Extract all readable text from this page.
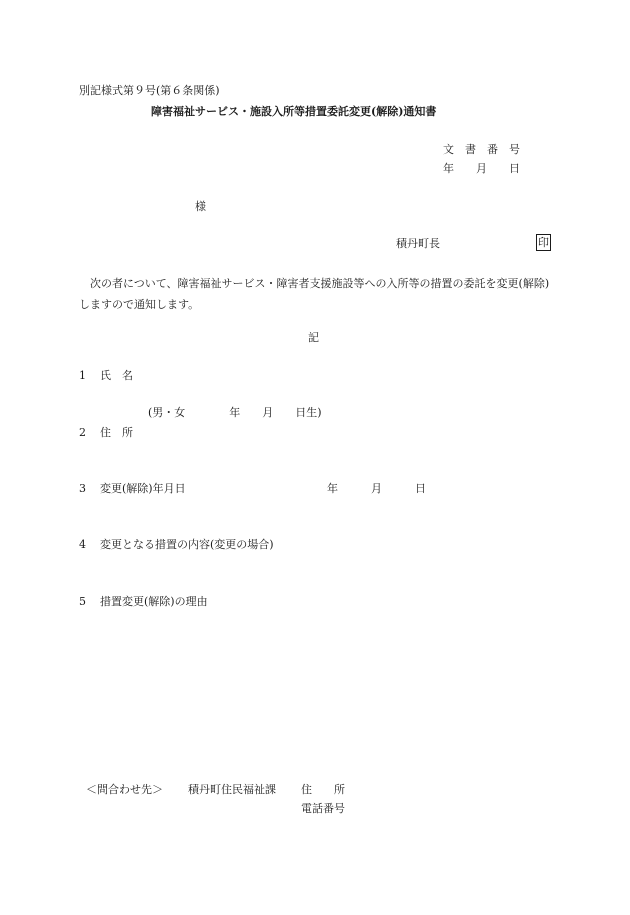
別記様式第９号(第６条関係)
障害福祉サービス・施設入所等措置委託変更(解除)通知書
文　書　番　号
年　　月　　日
様
積丹町長	印
　次の者について、障害福祉サービス・障害者支援施設等への入所等の措置の委託を変更(解除)しますので通知します。
記
1 氏　名
(男・女　　　　年　　月　　日生)
2 住　所
3 変更(解除)年月日	年　　　月　　　日
4 変更となる措置の内容(変更の場合)
5 措置変更(解除)の理由
＜問合わせ先＞ 積丹町住民福祉課 住　　所
電話番号
